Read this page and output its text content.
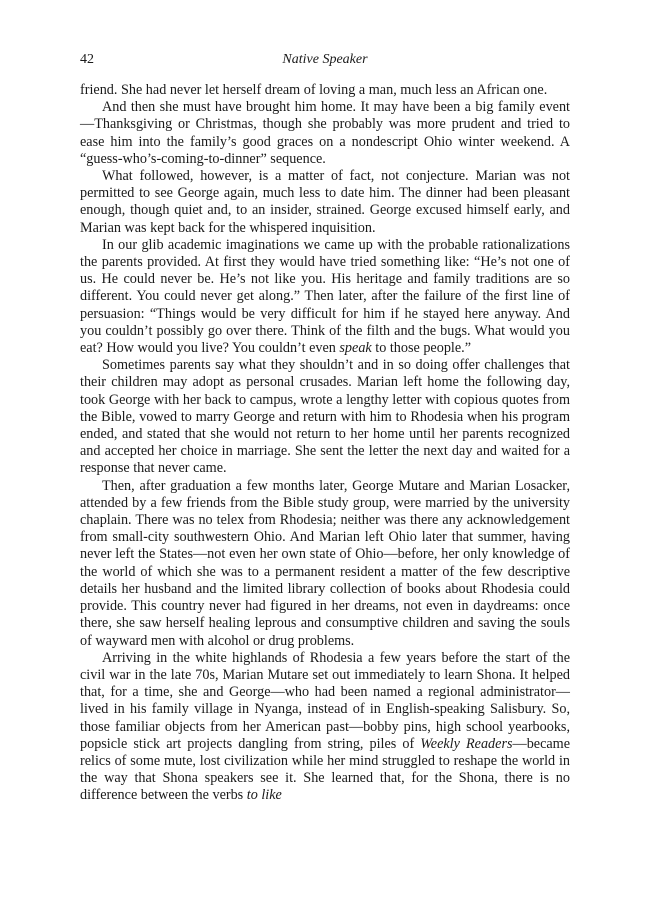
42	Native Speaker

friend. She had never let herself dream of loving a man, much less an African one.

And then she must have brought him home. It may have been a big family event—Thanksgiving or Christmas, though she probably was more prudent and tried to ease him into the family’s good graces on a nondescript Ohio winter weekend. A “guess-who’s-coming-to-dinner” sequence.

What followed, however, is a matter of fact, not conjecture. Marian was not permitted to see George again, much less to date him. The dinner had been pleasant enough, though quiet and, to an insider, strained. George excused himself early, and Marian was kept back for the whispered inquisition.

In our glib academic imaginations we came up with the probable rationalizations the parents provided. At first they would have tried something like: “He’s not one of us. He could never be. He’s not like you. His heritage and family traditions are so different. You could never get along.” Then later, after the failure of the first line of persuasion: “Things would be very difficult for him if he stayed here anyway. And you couldn’t possibly go over there. Think of the filth and the bugs. What would you eat? How would you live? You couldn’t even speak to those people.”

Sometimes parents say what they shouldn’t and in so doing offer challenges that their children may adopt as personal crusades. Marian left home the following day, took George with her back to campus, wrote a lengthy letter with copious quotes from the Bible, vowed to marry George and return with him to Rhodesia when his program ended, and stated that she would not return to her home until her parents recognized and accepted her choice in marriage. She sent the letter the next day and waited for a response that never came.

Then, after graduation a few months later, George Mutare and Marian Losacker, attended by a few friends from the Bible study group, were married by the university chaplain. There was no telex from Rhodesia; neither was there any acknowledgement from small-city southwestern Ohio. And Marian left Ohio later that summer, having never left the States—not even her own state of Ohio—before, her only knowledge of the world of which she was to a permanent resident a matter of the few descriptive details her husband and the limited library collection of books about Rhodesia could provide. This country never had figured in her dreams, not even in daydreams: once there, she saw herself healing leprous and consumptive children and saving the souls of wayward men with alcohol or drug problems.

Arriving in the white highlands of Rhodesia a few years before the start of the civil war in the late 70s, Marian Mutare set out immediately to learn Shona. It helped that, for a time, she and George—who had been named a regional administrator—lived in his family village in Nyanga, instead of in English-speaking Salisbury. So, those familiar objects from her American past—bobby pins, high school yearbooks, popsicle stick art projects dangling from string, piles of Weekly Readers—became relics of some mute, lost civilization while her mind struggled to reshape the world in the way that Shona speakers see it. She learned that, for the Shona, there is no difference between the verbs to like
